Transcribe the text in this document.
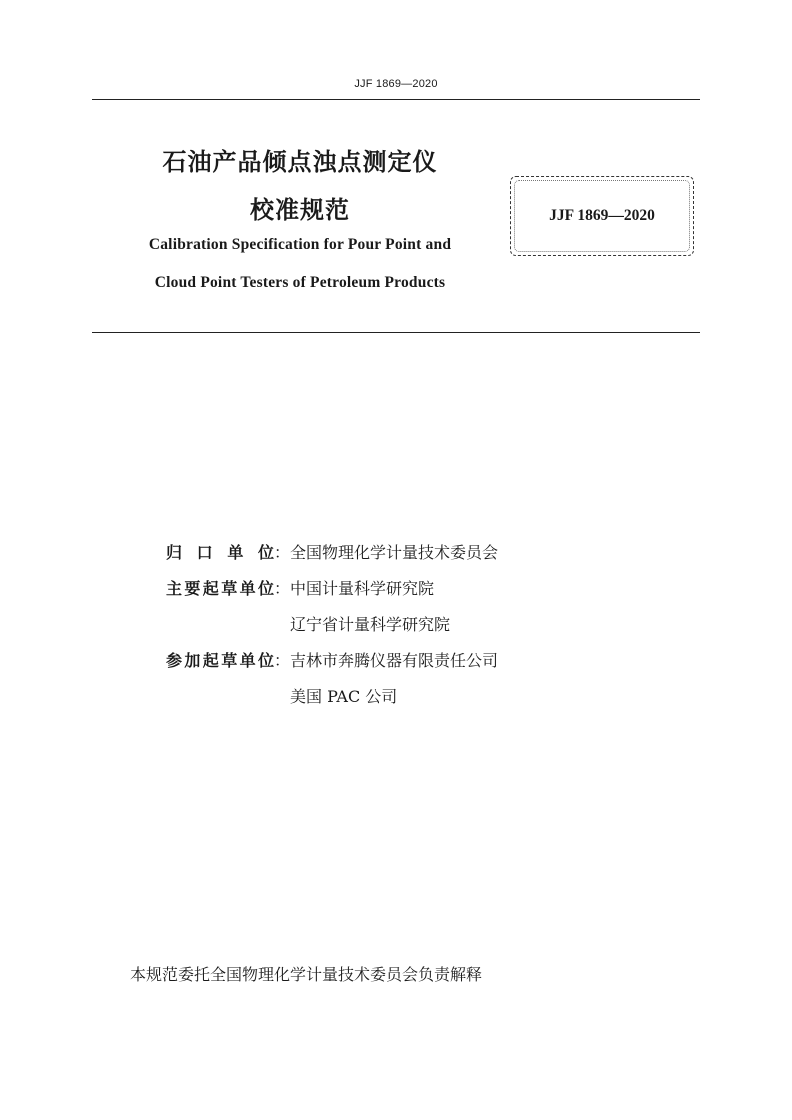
JJF 1869—2020
石油产品倾点浊点测定仪
校准规范
Calibration Specification for Pour Point and
Cloud Point Testers of Petroleum Products
JJF 1869—2020
归口单位：全国物理化学计量技术委员会
主要起草单位：中国计量科学研究院
辽宁省计量科学研究院
参加起草单位：吉林市奔腾仪器有限责任公司
美国 PAC 公司
本规范委托全国物理化学计量技术委员会负责解释
